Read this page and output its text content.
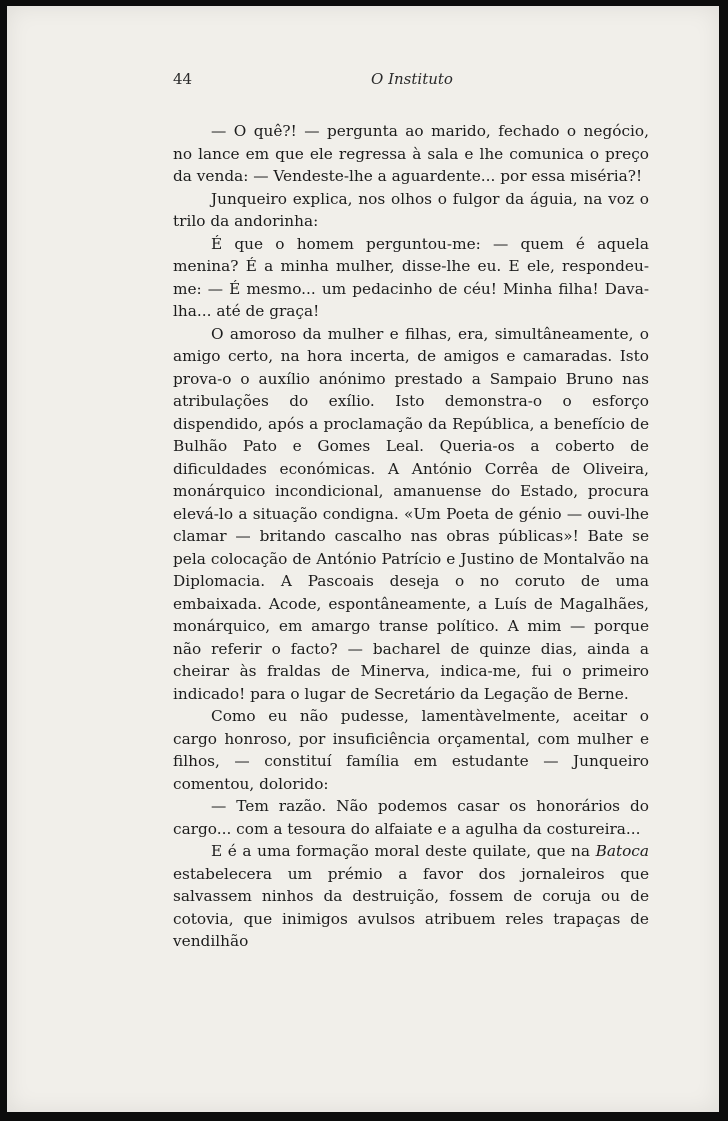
44	O Instituto

— O quê?! — pergunta ao marido, fechado o negócio, no lance em que ele regressa à sala e lhe comunica o preço da venda: — Vendeste-lhe a aguardente... por essa miséria?!

Junqueiro explica, nos olhos o fulgor da águia, na voz o trilo da andorinha:

É que o homem perguntou-me: — quem é aquela menina? É a minha mulher, disse-lhe eu. E ele, respondeu-me: — É mesmo... um pedacinho de céu! Minha filha! Dava-lha... até de graça!

O amoroso da mulher e filhas, era, simultâneamente, o amigo certo, na hora incerta, de amigos e camaradas. Isto prova-o o auxílio anónimo prestado a Sampaio Bruno nas atribulações do exílio. Isto demonstra-o o esforço dispendido, após a proclamação da República, a benefício de Bulhão Pato e Gomes Leal. Queria-os a coberto de dificuldades económicas. A António Corrêa de Oliveira, monárquico incondicional, amanuense do Estado, procura elevá-lo a situação condigna. «Um Poeta de génio — ouvi-lhe clamar — britando cascalho nas obras públicas»! Bate se pela colocação de António Patrício e Justino de Montalvão na Diplomacia. A Pascoais deseja o no coruto de uma embaixada. Acode, espontâneamente, a Luís de Magalhães, monárquico, em amargo transe político. A mim — porque não referir o facto? — bacharel de quinze dias, ainda a cheirar às fraldas de Minerva, indica-me, fui o primeiro indicado! para o lugar de Secretário da Legação de Berne.

Como eu não pudesse, lamentàvelmente, aceitar o cargo honroso, por insuficiência orçamental, com mulher e filhos, — constituí família em estudante — Junqueiro comentou, dolorido:

— Tem razão. Não podemos casar os honorários do cargo... com a tesoura do alfaiate e a agulha da costureira...

E é a uma formação moral deste quilate, que na Batoca estabelecera um prémio a favor dos jornaleiros que salvassem ninhos da destruição, fossem de coruja ou de cotovia, que inimigos avulsos atribuem reles trapaças de vendilhão
